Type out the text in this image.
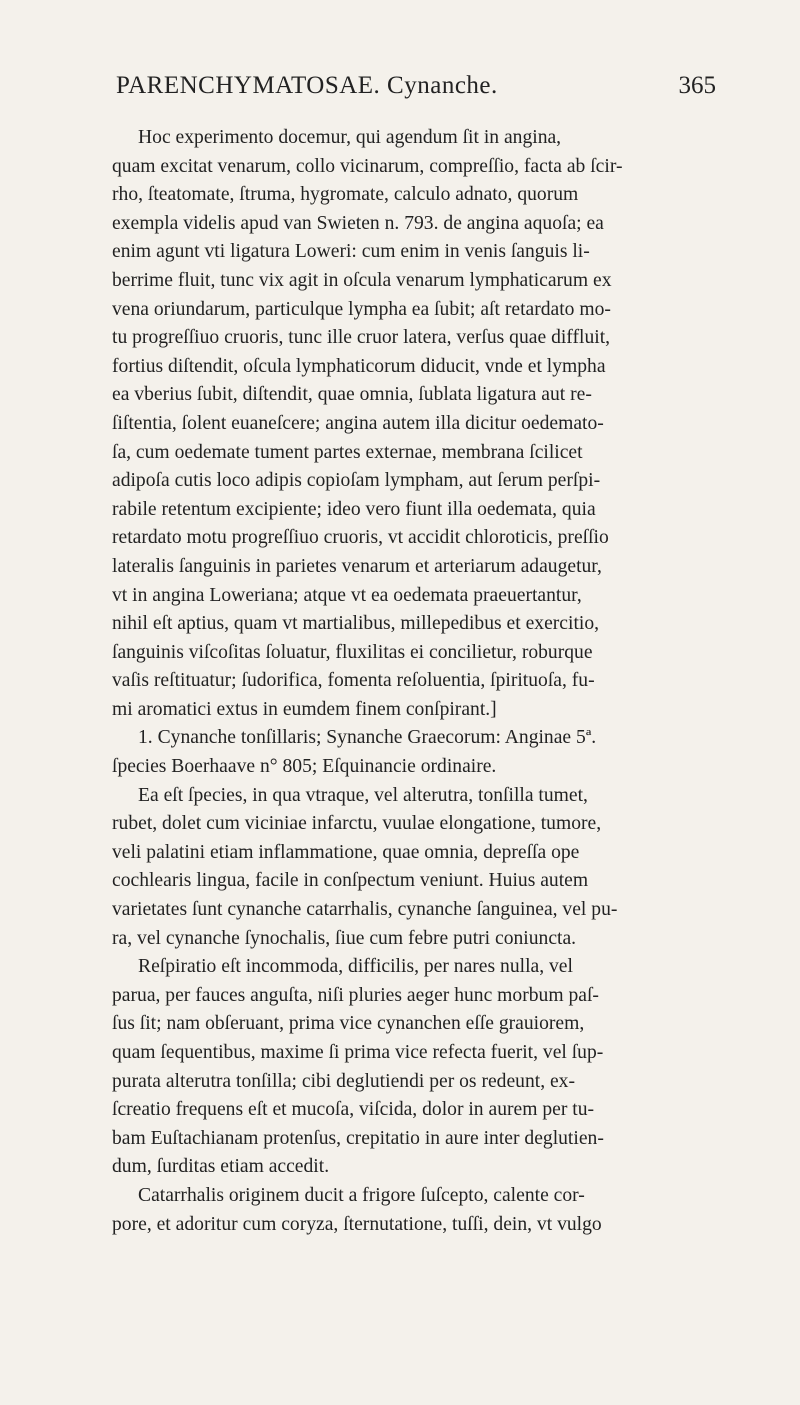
PARENCHYMATOSAE. Cynanche.	365
Hoc experimento docemur, qui agendum ſit in angina,
quam excitat venarum, collo vicinarum, compreſſio, facta ab ſcir-
rho, ſteatomate, ſtruma, hygromate, calculo adnato, quorum
exempla videlis apud van Swieten n. 793. de angina aquoſa; ea
enim agunt vti ligatura Loweri: cum enim in venis ſanguis li-
berrime fluit, tunc vix agit in oſcula venarum lymphaticarum ex
vena oriundarum, particulque lympha ea ſubit; aſt retardato mo-
tu progreſſiuo cruoris, tunc ille cruor latera, verſus quae diffluit,
fortius diſtendit, oſcula lymphaticorum diducit, vnde et lympha
ea vberius ſubit, diſtendit, quae omnia, ſublata ligatura aut re-
ſiſtentia, ſolent euaneſcere; angina autem illa dicitur oedemato-
ſa, cum oedemate tument partes externae, membrana ſcilicet
adipoſa cutis loco adipis copioſam lympham, aut ſerum perſpi-
rabile retentum excipiente; ideo vero fiunt illa oedemata, quia
retardato motu progreſſiuo cruoris, vt accidit chloroticis, preſſio
lateralis ſanguinis in parietes venarum et arteriarum adaugetur,
vt in angina Loweriana; atque vt ea oedemata praeuertantur,
nihil eſt aptius, quam vt martialibus, millepedibus et exercitio,
ſanguinis viſcoſitas ſoluatur, fluxilitas ei concilietur, roburque
vaſis reſtituatur; ſudorifica, fomenta reſoluentia, ſpirituoſa, fu-
mi aromatici extus in eumdem finem conſpirant.]
1. Cynanche tonſillaris; Synanche Graecorum: Anginae 5ª.
ſpecies Boerhaave n° 805; Eſquinancie ordinaire.
Ea eſt ſpecies, in qua vtraque, vel alterutra, tonſilla tumet,
rubet, dolet cum viciniae infarctu, vuulae elongatione, tumore,
veli palatini etiam inflammatione, quae omnia, depreſſa ope
cochlearis lingua, facile in conſpectum veniunt. Huius autem
varietates ſunt cynanche catarrhalis, cynanche ſanguinea, vel pu-
ra, vel cynanche ſynochalis, ſiue cum febre putri coniuncta.
Reſpiratio eſt incommoda, difficilis, per nares nulla, vel
parua, per fauces anguſta, niſi pluries aeger hunc morbum paſ-
ſus ſit; nam obſeruant, prima vice cynanchen eſſe grauiorem,
quam ſequentibus, maxime ſi prima vice refecta fuerit, vel ſup-
purata alterutra tonſilla; cibi deglutiendi per os redeunt, ex-
ſcreatio frequens eſt et mucoſa, viſcida, dolor in aurem per tu-
bam Euſtachianam protenſus, crepitatio in aure inter deglutien-
dum, ſurditas etiam accedit.
Catarrhalis originem ducit a frigore ſuſcepto, calente cor-
pore, et adoritur cum coryza, ſternutatione, tuſſi, dein, vt vulgo
